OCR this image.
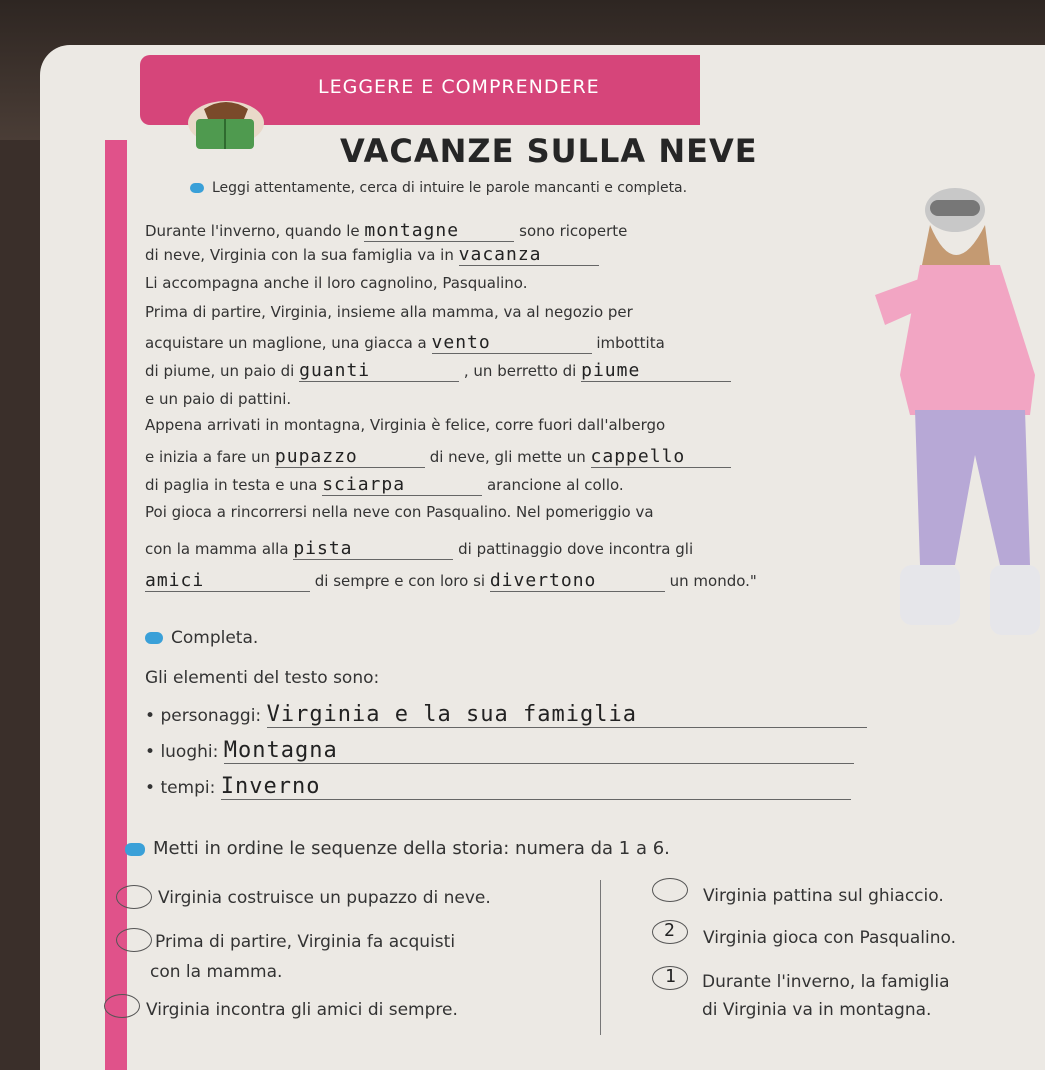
LEGGERE E COMPRENDERE
VACANZE SULLA NEVE
Leggi attentamente, cerca di intuire le parole mancanti e completa.
Durante l'inverno, quando le montagne	sono ricoperte
di neve, Virginia con la sua famiglia va in vacanza
Li accompagna anche il loro cagnolino, Pasqualino.
Prima di partire, Virginia, insieme alla mamma, va al negozio per
acquistare un maglione, una giacca a vento	imbottita
di piume, un paio di guanti	, un berretto di piume
e un paio di pattini.
Appena arrivati in montagna, Virginia è felice, corre fuori dall'albergo
e inizia a fare un pupazzo	di neve, gli mette un cappello
di paglia in testa e una sciarpa	arancione al collo.
Poi gioca a rincorrersi nella neve con Pasqualino. Nel pomeriggio va
con la mamma alla pista	di pattinaggio dove incontra gli
amici	di sempre e con loro si divertono	un mondo."
Completa.
Gli elementi del testo sono:
• personaggi: Virginia e la sua famiglia
• luoghi: Montagna
• tempi: Inverno
Metti in ordine le sequenze della storia: numera da 1 a 6.
Virginia costruisce un pupazzo di neve.
Prima di partire, Virginia fa acquisti
con la mamma.
Virginia incontra gli amici di sempre.
Virginia pattina sul ghiaccio.
2 Virginia gioca con Pasqualino.
1 Durante l'inverno, la famiglia
di Virginia va in montagna.
